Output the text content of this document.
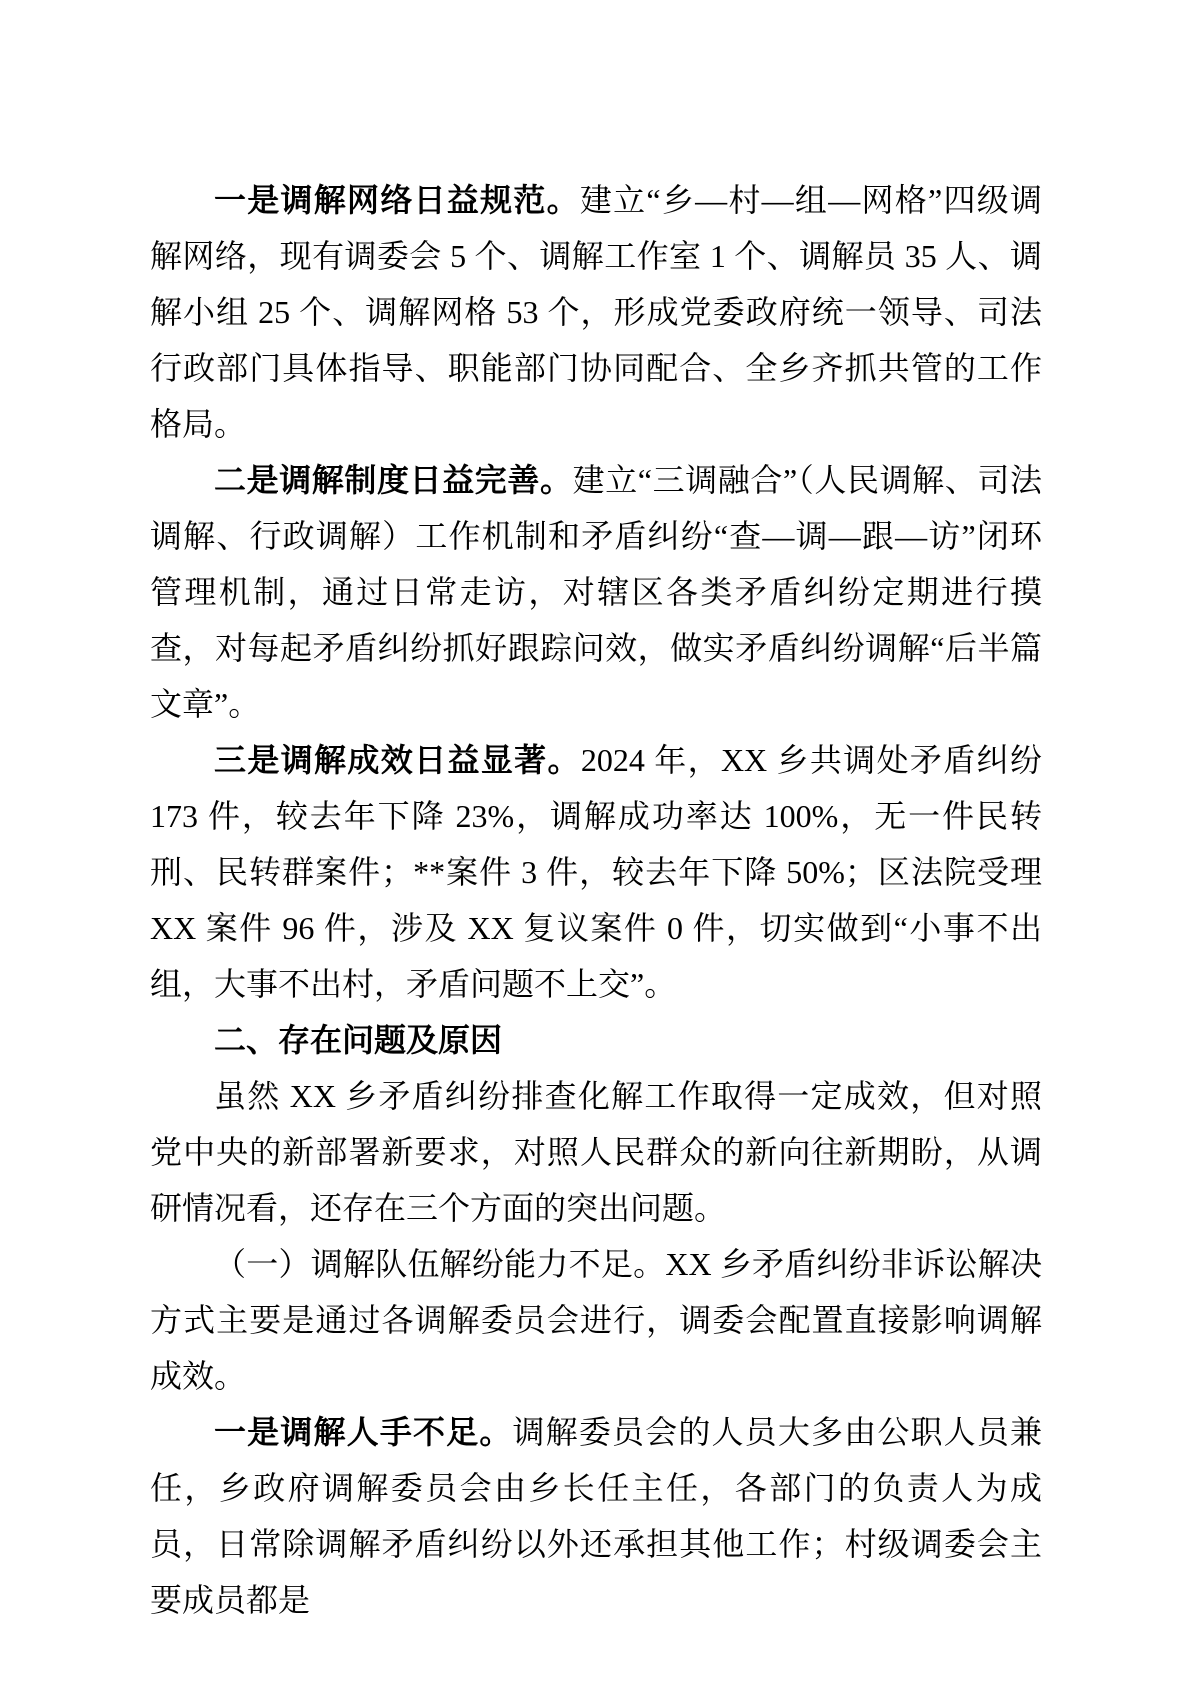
一是调解网络日益规范。建立“乡—村—组—网格”四级调解网络，现有调委会 5 个、调解工作室 1 个、调解员 35 人、调解小组 25 个、调解网格 53 个，形成党委政府统一领导、司法行政部门具体指导、职能部门协同配合、全乡齐抓共管的工作格局。

二是调解制度日益完善。建立“三调融合”（人民调解、司法调解、行政调解）工作机制和矛盾纠纷“查—调—跟—访”闭环管理机制，通过日常走访，对辖区各类矛盾纠纷定期进行摸查，对每起矛盾纠纷抓好跟踪问效，做实矛盾纠纷调解“后半篇文章”。

三是调解成效日益显著。2024 年，XX 乡共调处矛盾纠纷 173 件，较去年下降 23%，调解成功率达 100%，无一件民转刑、民转群案件；**案件 3 件，较去年下降 50%；区法院受理 XX 案件 96 件，涉及 XX 复议案件 0 件，切实做到“小事不出组，大事不出村，矛盾问题不上交”。

二、存在问题及原因

虽然 XX 乡矛盾纠纷排查化解工作取得一定成效，但对照党中央的新部署新要求，对照人民群众的新向往新期盼，从调研情况看，还存在三个方面的突出问题。

（一）调解队伍解纷能力不足。XX 乡矛盾纠纷非诉讼解决方式主要是通过各调解委员会进行，调委会配置直接影响调解成效。

一是调解人手不足。调解委员会的人员大多由公职人员兼任，乡政府调解委员会由乡长任主任，各部门的负责人为成员，日常除调解矛盾纠纷以外还承担其他工作；村级调委会主要成员都是
